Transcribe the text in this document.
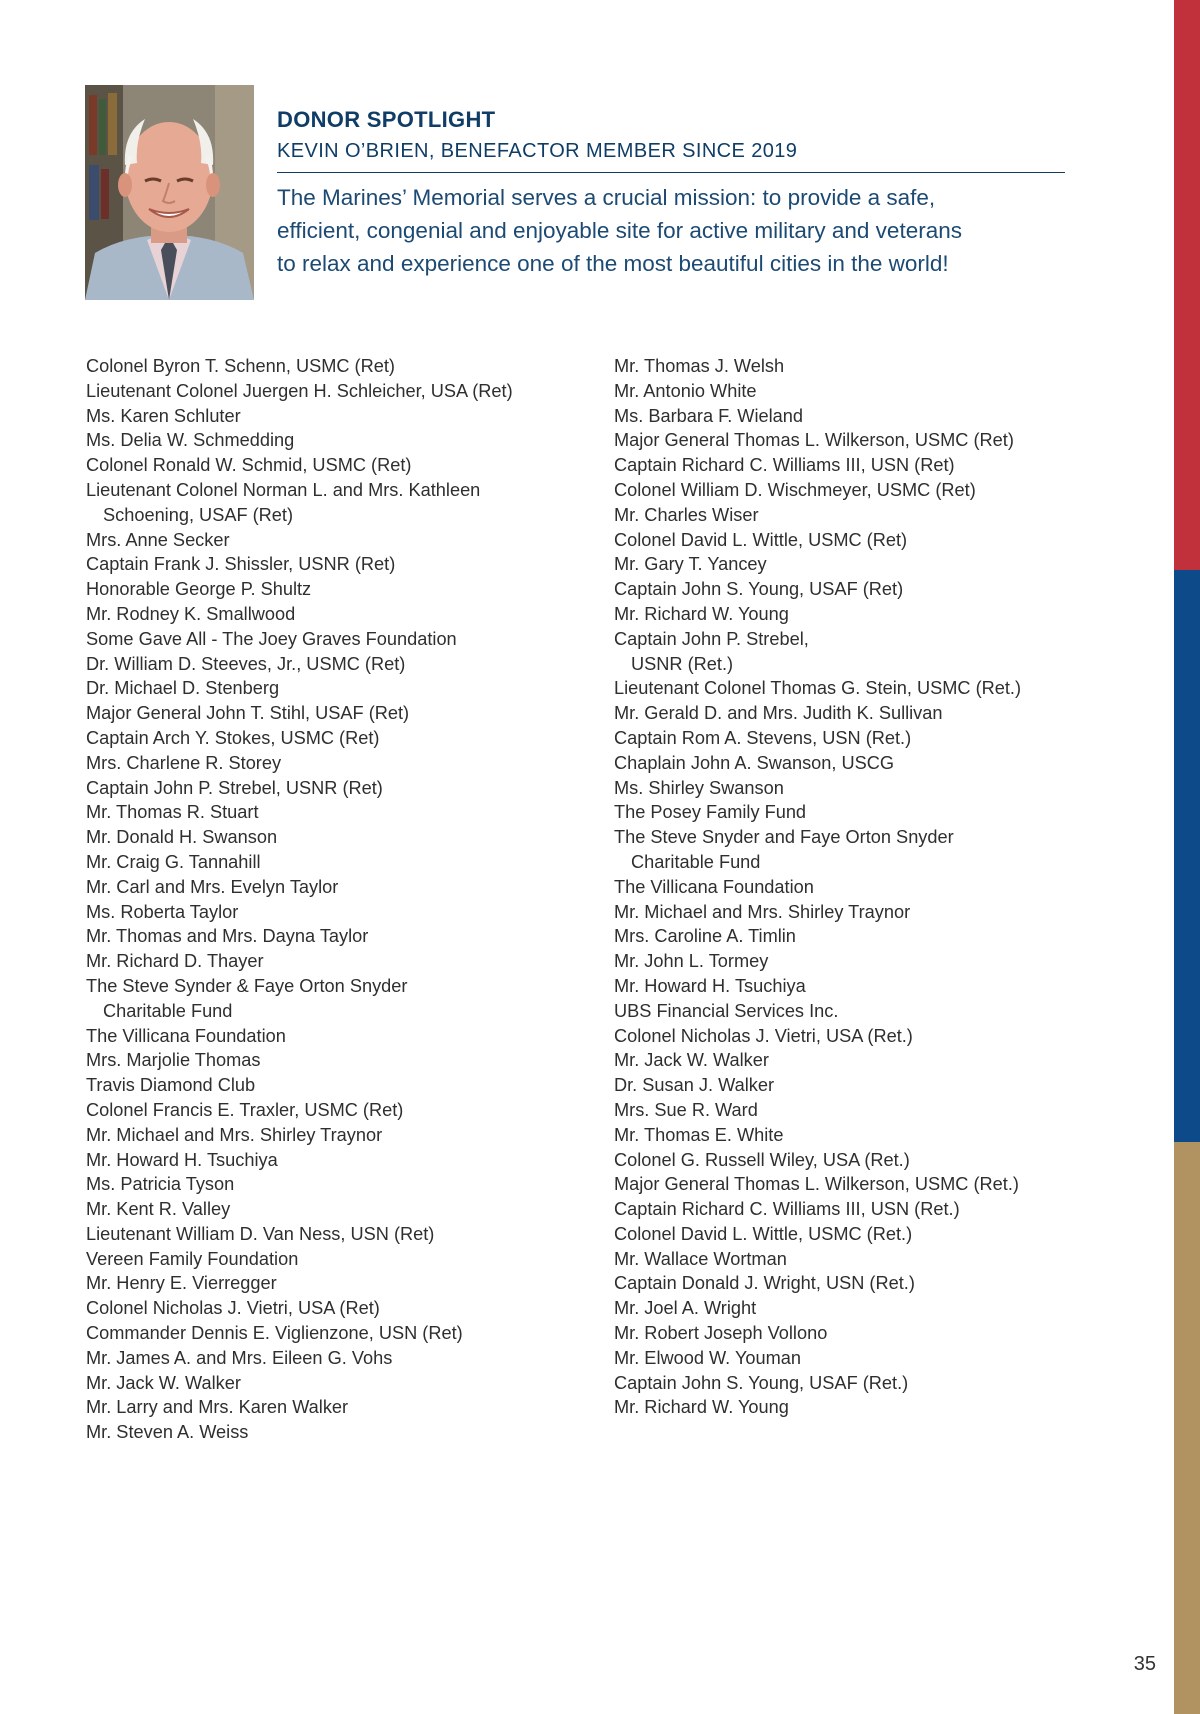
DONOR SPOTLIGHT
KEVIN O’BRIEN, BENEFACTOR MEMBER SINCE 2019
The Marines’ Memorial serves a crucial mission: to provide a safe,
efficient, congenial and enjoyable site for active military and veterans
to relax and experience one of the most beautiful cities in the world!
Colonel Byron T. Schenn, USMC (Ret)
Lieutenant Colonel Juergen H. Schleicher, USA (Ret)
Ms. Karen Schluter
Ms. Delia W. Schmedding
Colonel Ronald W. Schmid, USMC (Ret)
Lieutenant Colonel Norman L. and Mrs. Kathleen
Schoening, USAF (Ret)
Mrs. Anne Secker
Captain Frank J. Shissler, USNR (Ret)
Honorable George P. Shultz
Mr. Rodney K. Smallwood
Some Gave All - The Joey Graves Foundation
Dr. William D. Steeves, Jr., USMC (Ret)
Dr. Michael D. Stenberg
Major General John T. Stihl, USAF (Ret)
Captain Arch Y. Stokes, USMC (Ret)
Mrs. Charlene R. Storey
Captain John P. Strebel, USNR (Ret)
Mr. Thomas R. Stuart
Mr. Donald H. Swanson
Mr. Craig G. Tannahill
Mr. Carl and Mrs. Evelyn Taylor
Ms. Roberta Taylor
Mr. Thomas and Mrs. Dayna Taylor
Mr. Richard D. Thayer
The Steve Synder & Faye Orton Snyder
Charitable Fund
The Villicana Foundation
Mrs. Marjolie Thomas
Travis Diamond Club
Colonel Francis E. Traxler, USMC (Ret)
Mr. Michael and Mrs. Shirley Traynor
Mr. Howard H. Tsuchiya
Ms. Patricia Tyson
Mr. Kent R. Valley
Lieutenant William D. Van Ness, USN (Ret)
Vereen Family Foundation
Mr. Henry E. Vierregger
Colonel Nicholas J. Vietri, USA (Ret)
Commander Dennis E. Viglienzone, USN (Ret)
Mr. James A. and Mrs. Eileen G. Vohs
Mr. Jack W. Walker
Mr. Larry and Mrs. Karen Walker
Mr. Steven A. Weiss
Mr. Thomas J. Welsh
Mr. Antonio White
Ms. Barbara F. Wieland
Major General Thomas L. Wilkerson, USMC (Ret)
Captain Richard C. Williams III, USN (Ret)
Colonel William D. Wischmeyer, USMC (Ret)
Mr. Charles Wiser
Colonel David L. Wittle, USMC (Ret)
Mr. Gary T. Yancey
Captain John S. Young, USAF (Ret)
Mr. Richard W. Young
Captain John P. Strebel,
USNR (Ret.)
Lieutenant Colonel Thomas G. Stein, USMC (Ret.)
Mr. Gerald D. and Mrs. Judith K. Sullivan
Captain Rom A. Stevens, USN (Ret.)
Chaplain John A. Swanson, USCG
Ms. Shirley Swanson
The Posey Family Fund
The Steve Snyder and Faye Orton Snyder
Charitable Fund
The Villicana Foundation
Mr. Michael and Mrs. Shirley Traynor
Mrs. Caroline A. Timlin
Mr. John L. Tormey
Mr. Howard H. Tsuchiya
UBS Financial Services Inc.
Colonel Nicholas J. Vietri, USA (Ret.)
Mr. Jack W. Walker
Dr. Susan J. Walker
Mrs. Sue R. Ward
Mr. Thomas E. White
Colonel G. Russell Wiley, USA (Ret.)
Major General Thomas L. Wilkerson, USMC (Ret.)
Captain Richard C. Williams III, USN (Ret.)
Colonel David L. Wittle, USMC (Ret.)
Mr. Wallace Wortman
Captain Donald J. Wright, USN (Ret.)
Mr. Joel A. Wright
Mr. Robert Joseph Vollono
Mr. Elwood W. Youman
Captain John S. Young, USAF (Ret.)
Mr. Richard W. Young
35
